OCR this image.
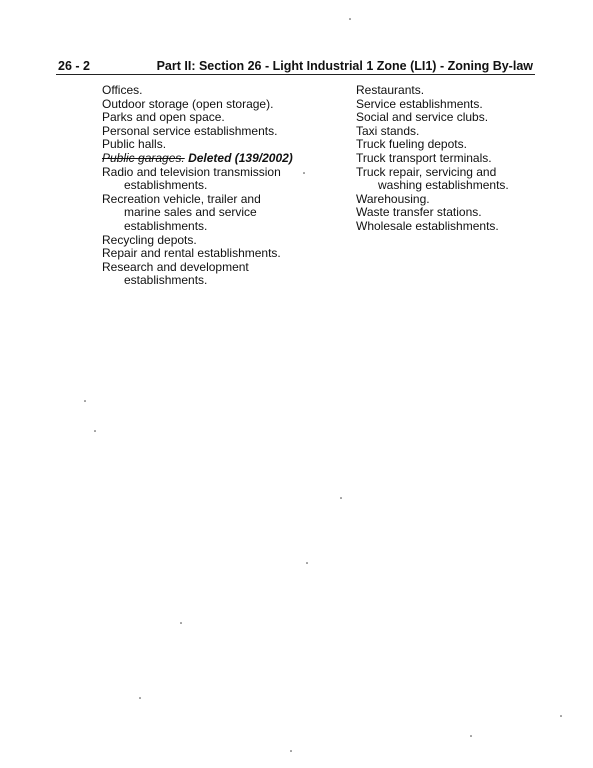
26 - 2	Part II: Section 26 - Light Industrial 1 Zone (LI1) - Zoning By-law

Offices.

Outdoor storage (open storage).

Parks and open space.

Personal service establishments.

Public halls.

Public garages. Deleted (139/2002)

Radio and television transmission establishments.

Recreation vehicle, trailer and marine sales and service establishments.

Recycling depots.

Repair and rental establishments.

Research and development establishments.

Restaurants.

Service establishments.

Social and service clubs.

Taxi stands.

Truck fueling depots.

Truck transport terminals.

Truck repair, servicing and washing establishments.

Warehousing.

Waste transfer stations.

Wholesale establishments.
